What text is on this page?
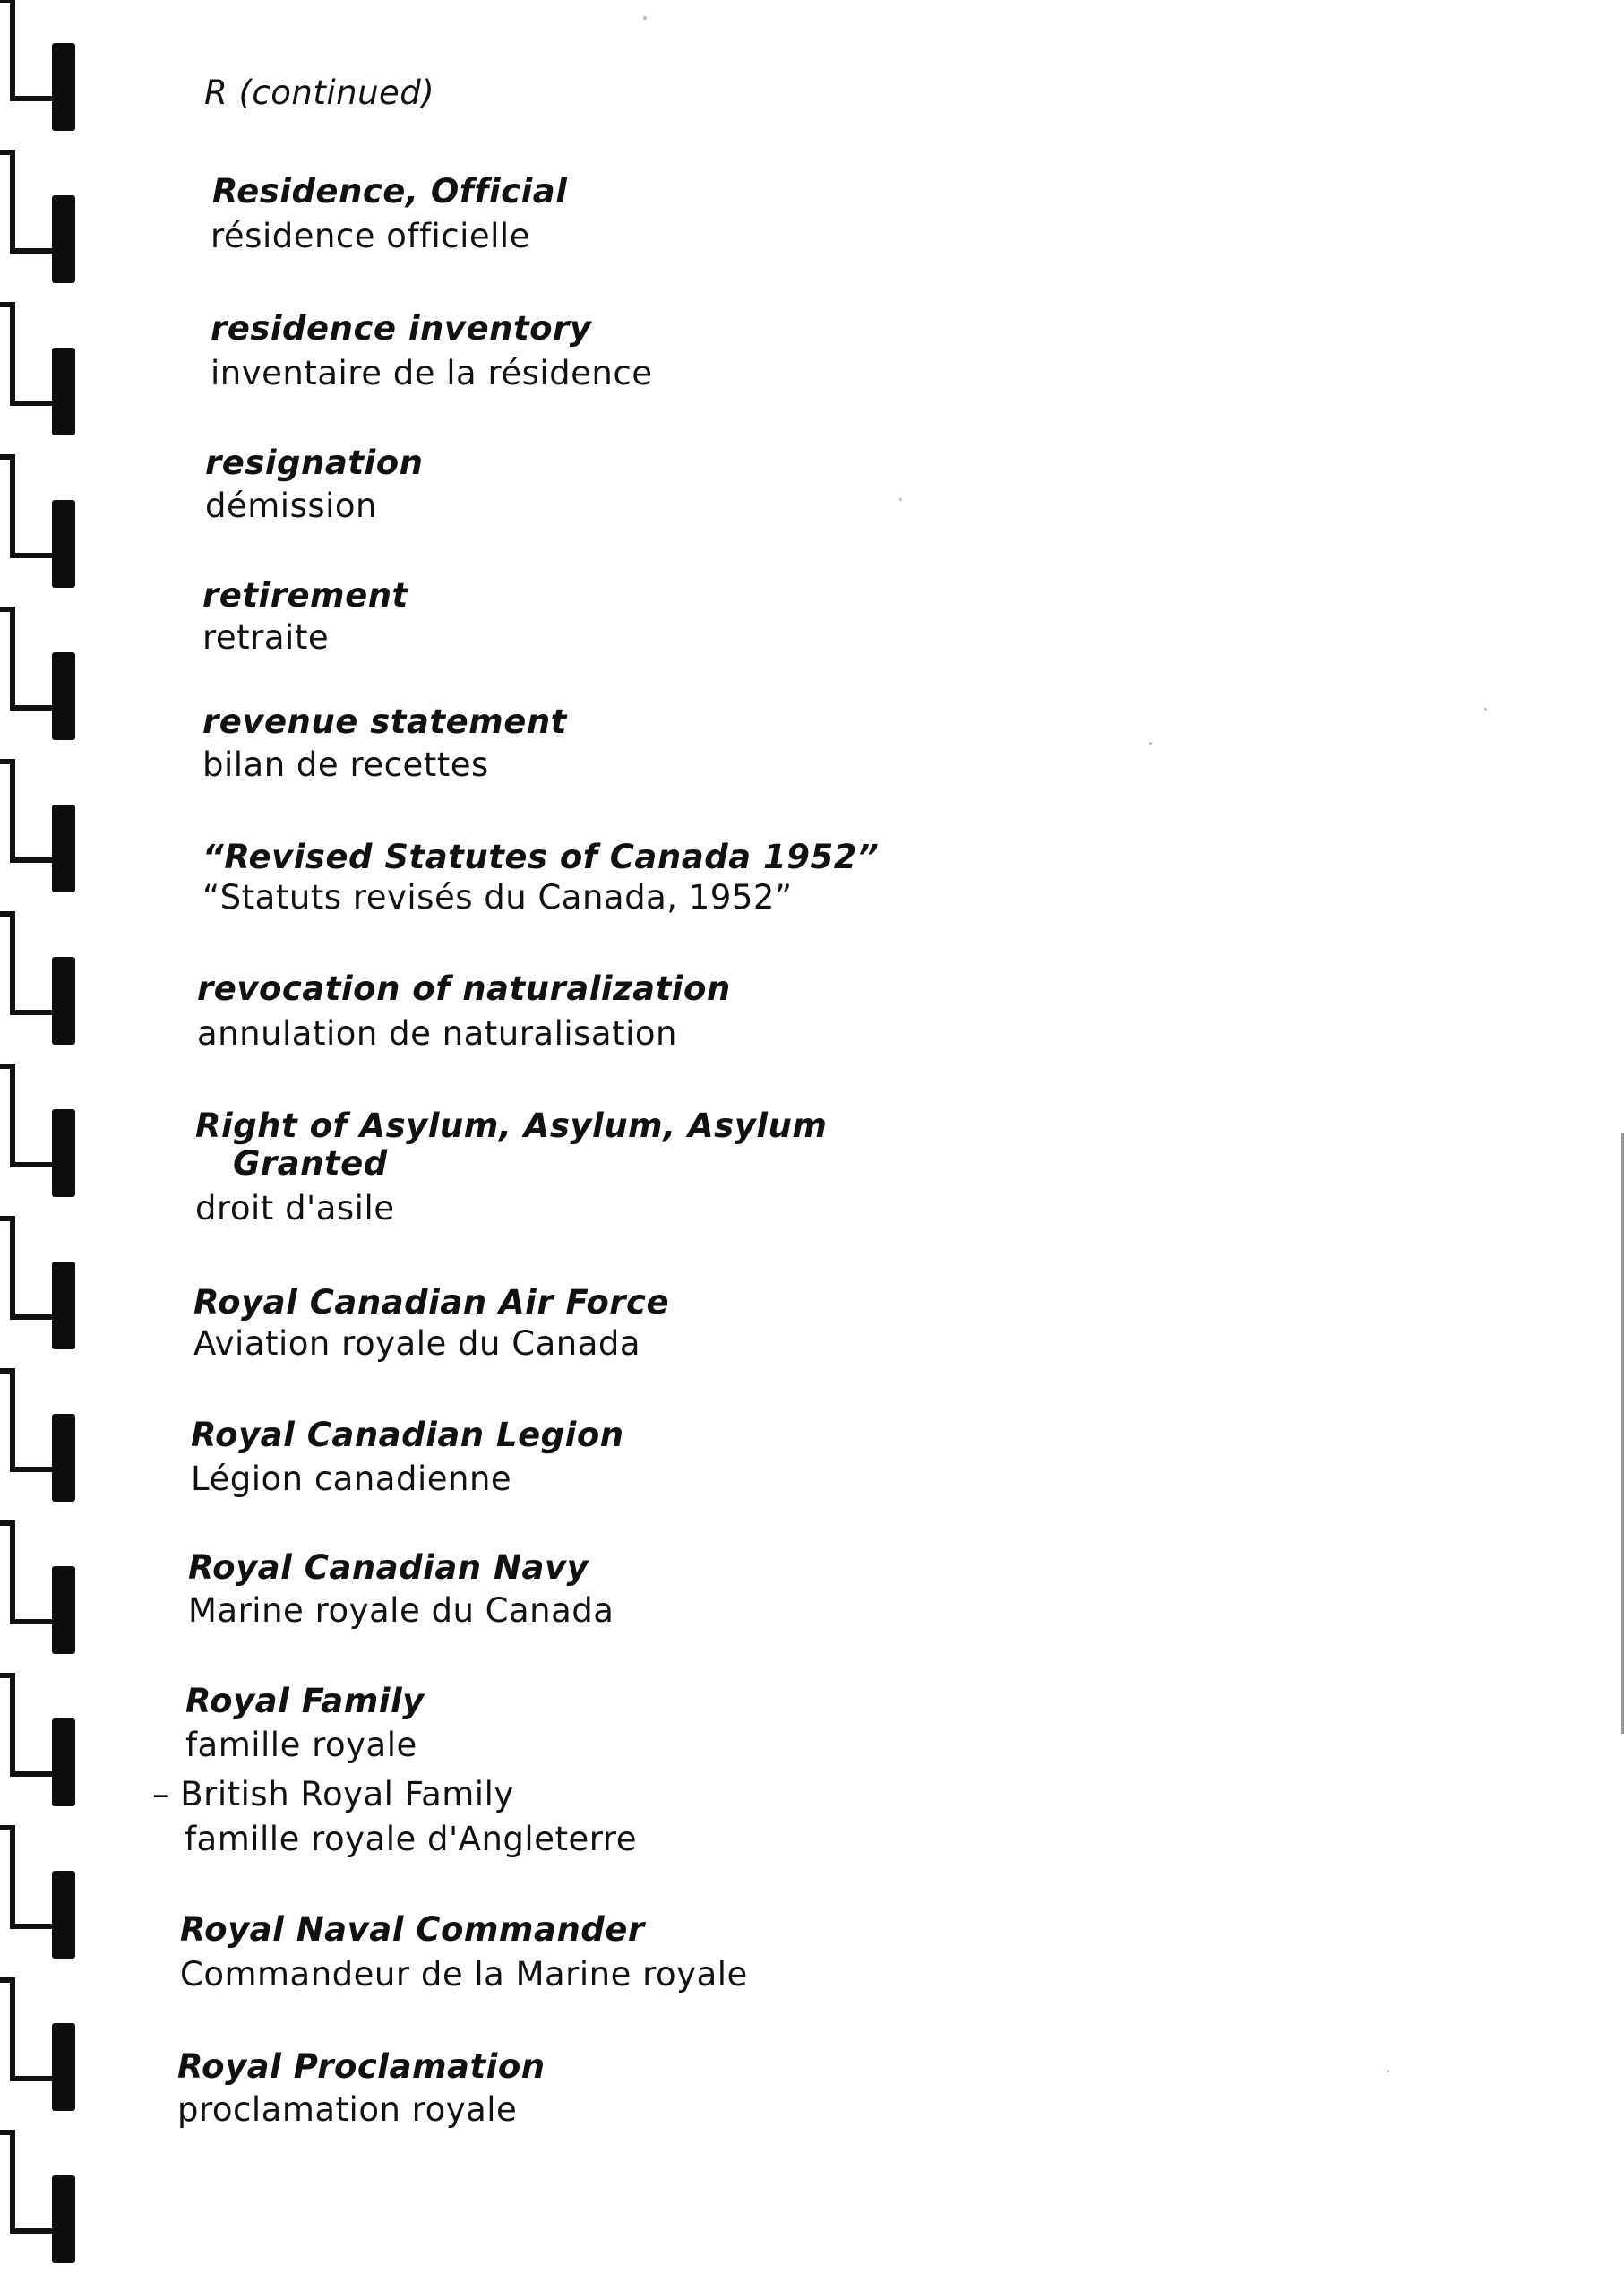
R (continued)
Residence, Official
résidence officielle
residence inventory
inventaire de la résidence
resignation
démission
retirement
retraite
revenue statement
bilan de recettes
“Revised Statutes of Canada 1952”
“Statuts revisés du Canada, 1952”
revocation of naturalization
annulation de naturalisation
Right of Asylum, Asylum, Asylum
Granted
droit d'asile
Royal Canadian Air Force
Aviation royale du Canada
Royal Canadian Legion
Légion canadienne
Royal Canadian Navy
Marine royale du Canada
Royal Family
famille royale
– British Royal Family
famille royale d'Angleterre
Royal Naval Commander
Commandeur de la Marine royale
Royal Proclamation
proclamation royale
